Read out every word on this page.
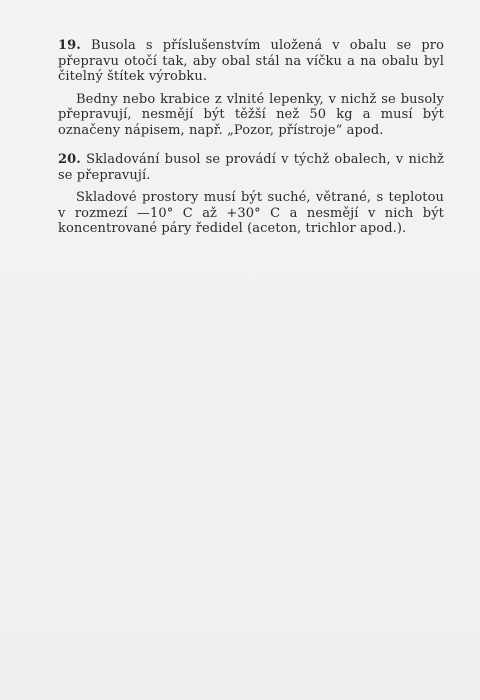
19. Busola s příslušenstvím uložená v obalu se pro přepravu otočí tak, aby obal stál na víčku a na obalu byl čitelný štítek výrobku.

Bedny nebo krabice z vlnité lepenky, v nichž se busoly přepravují, nesmějí být těžší než 50 kg a musí být označeny nápisem, např. „Pozor, přístroje“ apod.

20. Skladování busol se provádí v týchž obalech, v nichž se přepravují.

Skladové prostory musí být suché, větrané, s teplotou v rozmezí —10° C až +30° C a nesmějí v nich být koncentrované páry ředidel (aceton, trichlor apod.).
